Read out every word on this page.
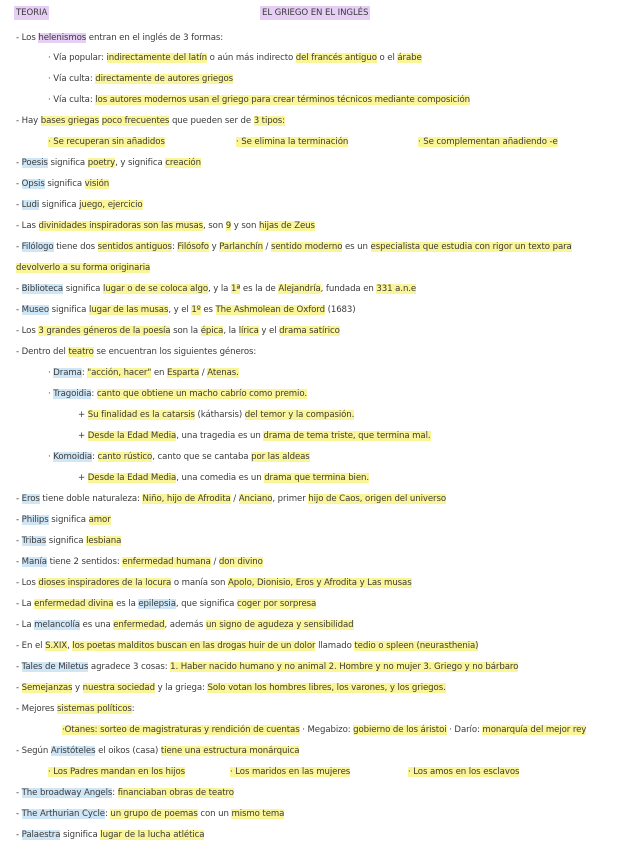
TEORIA	EL GRIEGO EN EL INGLÉS
- Los helenismos entran en el inglés de 3 formas:
· Vía popular: indirectamente del latín o aún más indirecto del francés antiguo o el árabe
· Vía culta: directamente de autores griegos
· Vía culta: los autores modernos usan el griego para crear términos técnicos mediante composición
- Hay bases griegas poco frecuentes que pueden ser de 3 tipos:
· Se recuperan sin añadidos	· Se elimina la terminación	· Se complementan añadiendo -e
- Poesis significa poetry, y significa creación
- Opsis significa visión
- Ludi significa juego, ejercicio
- Las divinidades inspiradoras son las musas, son 9 y son hijas de Zeus
- Filólogo tiene dos sentidos antiguos: Filósofo y Parlanchín / sentido moderno es un especialista que estudia con rigor un texto para
devolverlo a su forma originaria
- Biblioteca significa lugar o de se coloca algo, y la 1ª es la de Alejandría, fundada en 331 a.n.e
- Museo significa lugar de las musas, y el 1º es The Ashmolean de Oxford (1683)
- Los 3 grandes géneros de la poesía son la épica, la lírica y el drama satírico
- Dentro del teatro se encuentran los siguientes géneros:
· Drama: "acción, hacer" en Esparta / Atenas.
· Tragoidia: canto que obtiene un macho cabrío como premio.
+ Su finalidad es la catarsis (kátharsis) del temor y la compasión.
+ Desde la Edad Media, una tragedia es un drama de tema triste, que termina mal.
· Komoidia: canto rústico, canto que se cantaba por las aldeas
+ Desde la Edad Media, una comedia es un drama que termina bien.
- Eros tiene doble naturaleza: Niño, hijo de Afrodita / Anciano, primer hijo de Caos, origen del universo
- Philips significa amor
- Tribas significa lesbiana
- Manía tiene 2 sentidos: enfermedad humana / don divino
- Los dioses inspiradores de la locura o manía son Apolo, Dionisio, Eros y Afrodita y Las musas
- La enfermedad divina es la epilepsia, que significa coger por sorpresa
- La melancolía es una enfermedad, además un signo de agudeza y sensibilidad
- En el S.XIX, los poetas malditos buscan en las drogas huir de un dolor llamado tedio o spleen (neurasthenia)
- Tales de Miletus agradece 3 cosas: 1. Haber nacido humano y no animal 2. Hombre y no mujer 3. Griego y no bárbaro
- Semejanzas y nuestra sociedad y la griega: Solo votan los hombres libres, los varones, y los griegos.
- Mejores sistemas políticos:
·Otanes: sorteo de magistraturas y rendición de cuentas · Megabizo: gobierno de los áristoi · Darío: monarquía del mejor rey
- Según Aristóteles el oikos (casa) tiene una estructura monárquica
· Los Padres mandan en los hijos	· Los maridos en las mujeres	· Los amos en los esclavos
- The broadway Angels: financiaban obras de teatro
- The Arthurian Cycle: un grupo de poemas con un mismo tema
- Palaestra significa lugar de la lucha atlética
